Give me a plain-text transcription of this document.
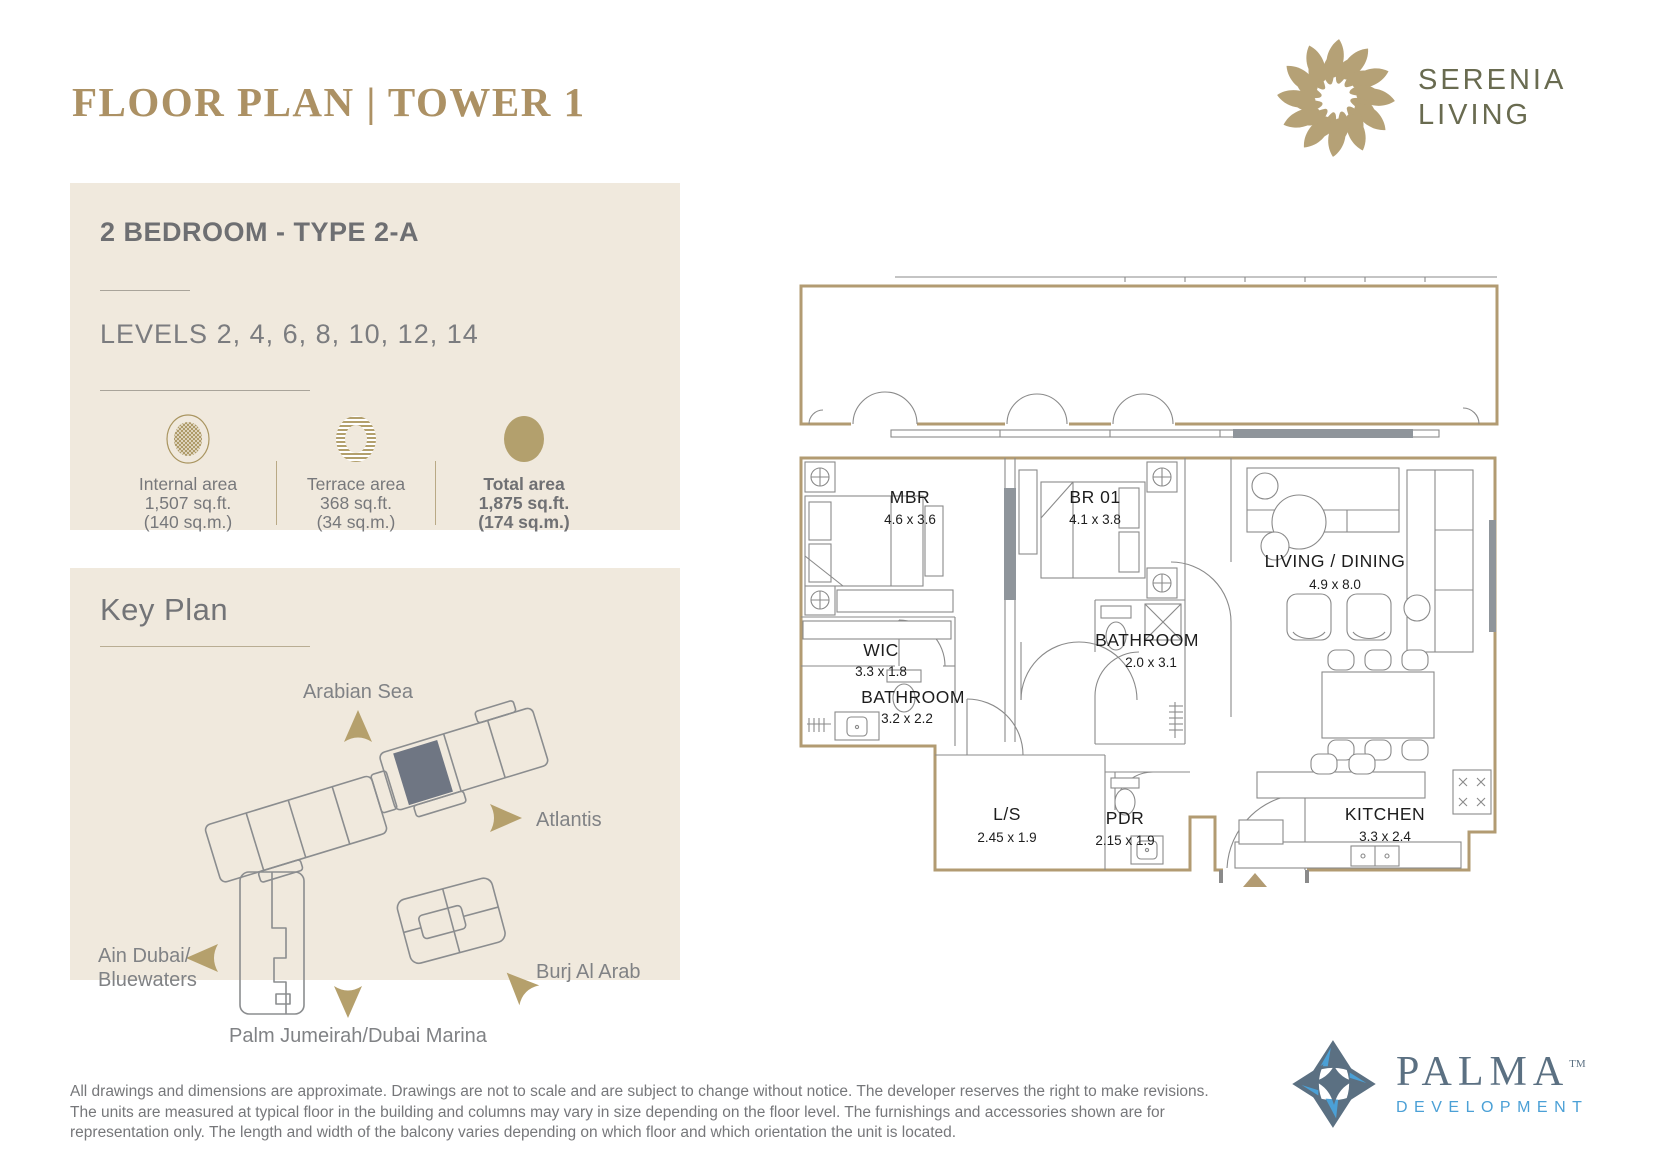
FLOOR PLAN | TOWER 1	SERENIA
LIVING
2 BEDROOM - TYPE 2-A
LEVELS 2, 4, 6, 8, 10, 12, 14
Internal area
1,507 sq.ft.
(140 sq.m.)
Terrace area
368 sq.ft.
(34 sq.m.)
Total area
1,875 sq.ft.
(174 sq.m.)
Key Plan
Arabian Sea
Atlantis
Ain Dubai/
Bluewaters	Burj Al Arab
Palm Jumeirah/Dubai Marina
MBR
4.6 x 3.6
BR 01
4.1 x 3.8
LIVING / DINING
4.9 x 8.0
WIC
3.3 x 1.8
BATHROOM
3.2 x 2.2
BATHROOM
2.0 x 3.1
L/S
2.45 x 1.9
PDR
2.15 x 1.9
KITCHEN
3.3 x 2.4
All drawings and dimensions are approximate. Drawings are not to scale and are subject to change without notice. The developer reserves the right to make revisions.
The units are measured at typical floor in the building and columns may vary in size depending on the floor level. The furnishings and accessories shown are for
representation only. The length and width of the balcony varies depending on which floor and which orientation the unit is located.
PALMA™
DEVELOPMENT
